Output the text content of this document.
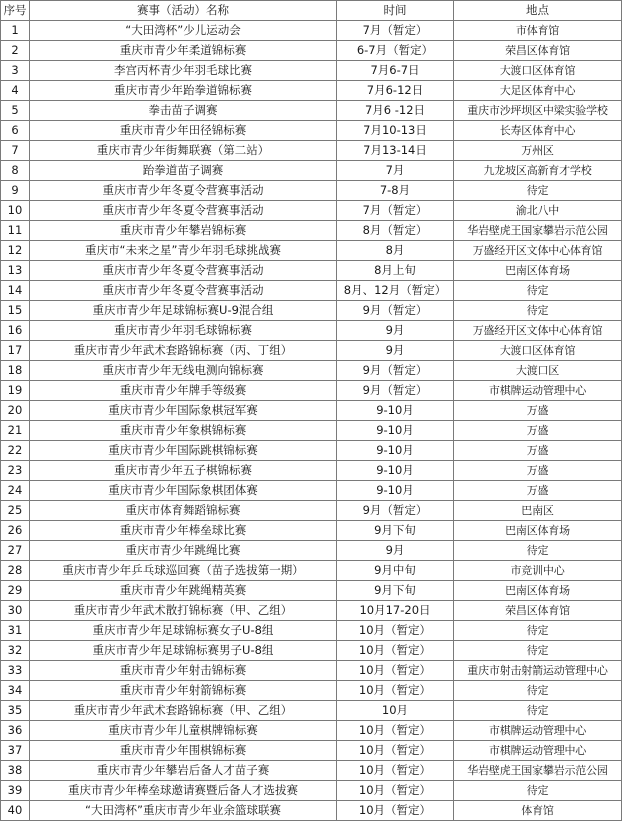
序号	赛事（活动）名称	时间	地点
1	“大田湾杯”少儿运动会	7月（暂定）	市体育馆
2	重庆市青少年柔道锦标赛	6-7月（暂定）	荣昌区体育馆
3	李宫丙杯青少年羽毛球比赛	7月6-7日	大渡口区体育馆
4	重庆市青少年跆拳道锦标赛	7月6-12日	大足区体育中心
5	拳击苗子调赛	7月6 -12日	重庆市沙坪坝区中梁实验学校
6	重庆市青少年田径锦标赛	7月10-13日	长寿区体育中心
7	重庆市青少年街舞联赛（第二站）	7月13-14日	万州区
8	跆拳道苗子调赛	7月	九龙坡区高新育才学校
9	重庆市青少年冬夏令营赛事活动	7-8月	待定
10	重庆市青少年冬夏令营赛事活动	7月（暂定）	渝北八中
11	重庆市青少年攀岩锦标赛	8月（暂定）	华岩壁虎王国家攀岩示范公园
12	重庆市“未来之星”青少年羽毛球挑战赛	8月	万盛经开区文体中心体育馆
13	重庆市青少年冬夏令营赛事活动	8月上旬	巴南区体育场
14	重庆市青少年冬夏令营赛事活动	8月、12月（暂定）	待定
15	重庆市青少年足球锦标赛U-9混合组	9月（暂定）	待定
16	重庆市青少年羽毛球锦标赛	9月	万盛经开区文体中心体育馆
17	重庆市青少年武术套路锦标赛（丙、丁组）	9月	大渡口区体育馆
18	重庆市青少年无线电测向锦标赛	9月（暂定）	大渡口区
19	重庆市青少年牌手等级赛	9月（暂定）	市棋牌运动管理中心
20	重庆市青少年国际象棋冠军赛	9-10月	万盛
21	重庆市青少年象棋锦标赛	9-10月	万盛
22	重庆市青少年国际跳棋锦标赛	9-10月	万盛
23	重庆市青少年五子棋锦标赛	9-10月	万盛
24	重庆市青少年国际象棋团体赛	9-10月	万盛
25	重庆市体育舞蹈锦标赛	9月（暂定）	巴南区
26	重庆市青少年棒垒球比赛	9月下旬	巴南区体育场
27	重庆市青少年跳绳比赛	9月	待定
28	重庆市青少年乒乓球巡回赛（苗子选拔第一期）	9月中旬	市竞训中心
29	重庆市青少年跳绳精英赛	9月下旬	巴南区体育场
30	重庆市青少年武术散打锦标赛（甲、乙组）	10月17-20日	荣昌区体育馆
31	重庆市青少年足球锦标赛女子U-8组	10月（暂定）	待定
32	重庆市青少年足球锦标赛男子U-8组	10月（暂定）	待定
33	重庆市青少年射击锦标赛	10月（暂定）	重庆市射击射箭运动管理中心
34	重庆市青少年射箭锦标赛	10月（暂定）	待定
35	重庆市青少年武术套路锦标赛（甲、乙组）	10月	待定
36	重庆市青少年儿童棋牌锦标赛	10月（暂定）	市棋牌运动管理中心
37	重庆市青少年围棋锦标赛	10月（暂定）	市棋牌运动管理中心
38	重庆市青少年攀岩后备人才苗子赛	10月（暂定）	华岩壁虎王国家攀岩示范公园
39	重庆市青少年棒垒球邀请赛暨后备人才选拔赛	10月（暂定）	待定
40	“大田湾杯”重庆市青少年业余篮球联赛	10月（暂定）	体育馆
